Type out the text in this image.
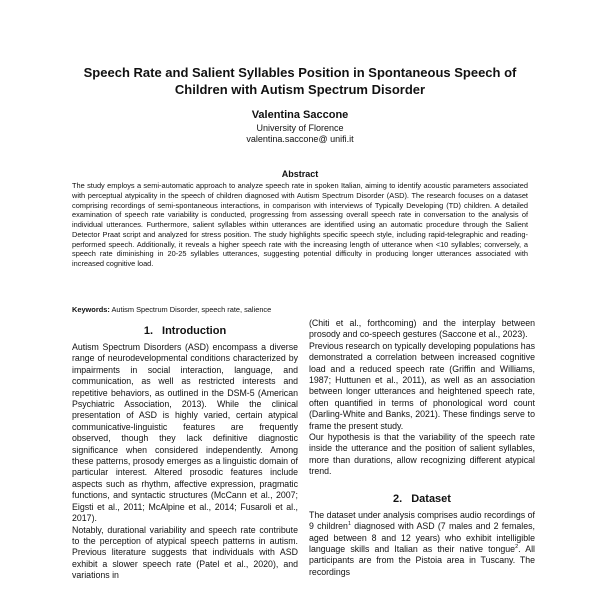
Speech Rate and Salient Syllables Position in Spontaneous Speech of Children with Autism Spectrum Disorder
Valentina Saccone
University of Florence
valentina.saccone@ unifi.it
Abstract

The study employs a semi-automatic approach to analyze speech rate in spoken Italian, aiming to identify acoustic parameters associated with perceptual atypicality in the speech of children diagnosed with Autism Spectrum Disorder (ASD). The research focuses on a dataset comprising recordings of semi-spontaneous interactions, in comparison with interviews of Typically Developing (TD) children. A detailed examination of speech rate variability is conducted, progressing from assessing overall speech rate in conversation to the analysis of individual utterances. Furthermore, salient syllables within utterances are identified using an automatic procedure through the Salient Detector Praat script and analyzed for stress position. The study highlights specific speech style, including rapid-telegraphic and reading-performed speech. Additionally, it reveals a higher speech rate with the increasing length of utterance when <10 syllables; conversely, a speech rate diminishing in 20-25 syllables utterances, suggesting potential difficulty in producing longer utterances associated with increased cognitive load.

Keywords: Autism Spectrum Disorder, speech rate, salience

1. Introduction

Autism Spectrum Disorders (ASD) encompass a diverse range of neurodevelopmental conditions characterized by impairments in social interaction, language, and communication, as well as restricted interests and repetitive behaviors, as outlined in the DSM-5 (American Psychiatric Association, 2013). While the clinical presentation of ASD is highly varied, certain atypical communicative-linguistic features are frequently observed, though they lack definitive diagnostic significance when considered independently. Among these patterns, prosody emerges as a linguistic domain of particular interest. Altered prosodic features include aspects such as rhythm, affective expression, pragmatic functions, and syntactic structures (McCann et al., 2007; Eigsti et al., 2011; McAlpine et al., 2014; Fusaroli et al., 2017).

Notably, durational variability and speech rate contribute to the perception of atypical speech patterns in autism. Previous literature suggests that individuals with ASD exhibit a slower speech rate (Patel et al., 2020), and variations in

(Chiti et al., forthcoming) and the interplay between prosody and co-speech gestures (Saccone et al., 2023).

Previous research on typically developing populations has demonstrated a correlation between increased cognitive load and a reduced speech rate (Griffin and Williams, 1987; Huttunen et al., 2011), as well as an association between longer utterances and heightened speech rate, often quantified in terms of phonological word count (Darling-White and Banks, 2021). These findings serve to frame the present study.

Our hypothesis is that the variability of the speech rate inside the utterance and the position of salient syllables, more than durations, allow recognizing different atypical trend.

2. Dataset

The dataset under analysis comprises audio recordings of 9 children$^1$ diagnosed with ASD (7 males and 2 females, aged between 8 and 12 years) who exhibit intelligible language skills and Italian as their native tongue$^2$. All participants are from the Pistoia area in Tuscany. The recordings
